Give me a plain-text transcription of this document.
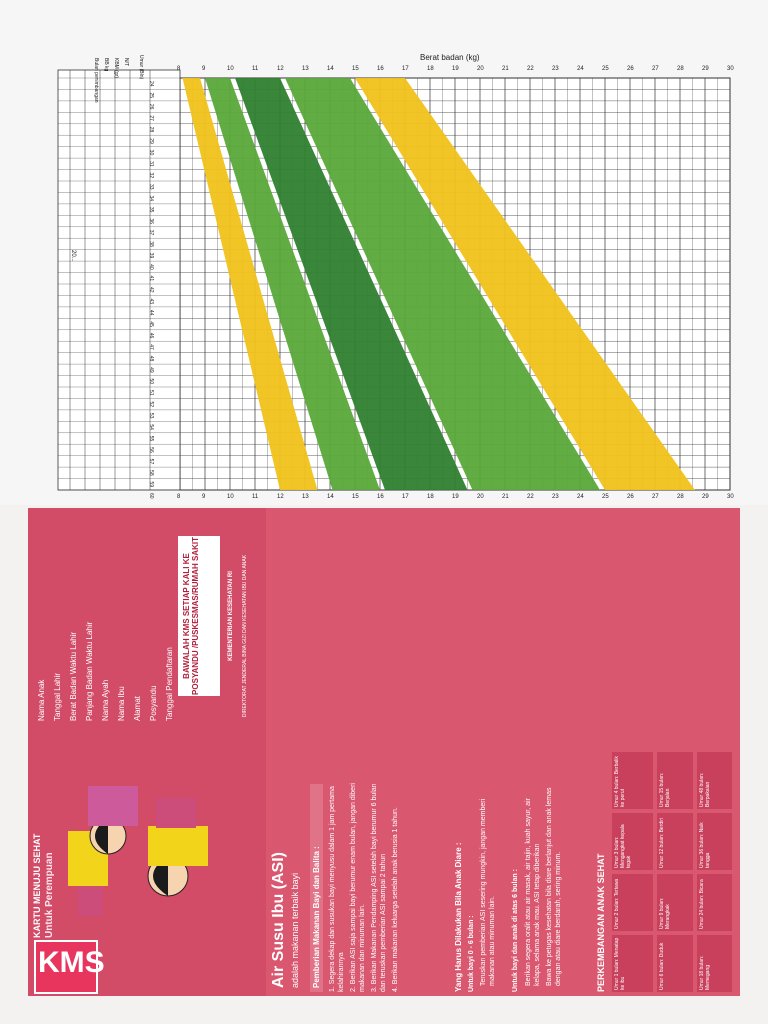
Berat badan (kg)
8	9	10	11	12	13	14	15	16	17	18	19	20	21	22	23	24	25	26	27	28	29	30
8	9	10	11	12	13	14	15	16	17	18	19	20	21	22	23	24	25	26	27	28	29	30
24
25
26
27
28
29
30
31
32
33
34
35
36
37
38
39
40
41
42
43
44
45
46
47
48
49
50
51
52
53
54
55
56
57
58
59
60
Umur (Bln)
Bulan penimbangan BB kg KBM (gr) N/T
20...
KMS
KARTU MENUJU SEHAT Untuk Perempuan
Nama Anak Tanggal Lahir Berat Badan Waktu Lahir Panjang Badan Waktu Lahir Nama Ayah Nama Ibu Alamat Posyandu Tanggal Pendaftaran
BAWALAH KMS SETIAP KALI KE POSYANDU /PUSKESMAS/RUMAH SAKIT	KEMENTERIAN KESEHATAN RI DIREKTORAT JENDERAL BINA GIZI DAN KESEHATAN IBU DAN ANAK
Air Susu Ibu (ASI) adalah makanan terbaik bayi Pemberian Makanan Bayi dan Balita : 1. Segera dekap dan susukan bayi menyusu dalam 1 jam pertama kelahirannya 2. Berikan ASI saja sampai bayi berumur enam bulan, jangan diberi makanan dan minuman lain. 3. Berikan Makanan Pendamping ASI setelah bayi berumur 6 bulan dan teruskan pemberian ASI sampai 2 tahun 4. Berikan makanan keluarga setelah anak berusia 1 tahun.	Yang Harus Dilakukan Bila Anak Diare : Untuk bayi 0 - 6 bulan : Teruskan pemberian ASI sesering mungkin, jangan memberi makanan atau minuman lain. Untuk bayi dan anak di atas 6 bulan : Berikan segera oralit atau air masak, air tajin, kuah sayur, air kelapa, selama anak mau. ASI tetap diberikan Bawa ke petugas kesehatan bila diare berlanjut dan anak lemas dengan atau diare berdarah, sering minum.	PERKEMBANGAN ANAK SEHAT	Umur 1 bulan: Menatap ke ibu
Umur 2 bulan: Tertawa
Umur 3 bulan: Mengangkat kepala tegak
Umur 4 bulan: Berbalik ke perut
Umur 6 bulan: Duduk
Umur 9 bulan: Merangkak
Umur 12 bulan: Berdiri
Umur 15 bulan: Berjalan
Umur 18 bulan: Memegang
Umur 24 bulan: Bicara
Umur 36 bulan: Naik tangga
Umur 48 bulan: Berpakaian
